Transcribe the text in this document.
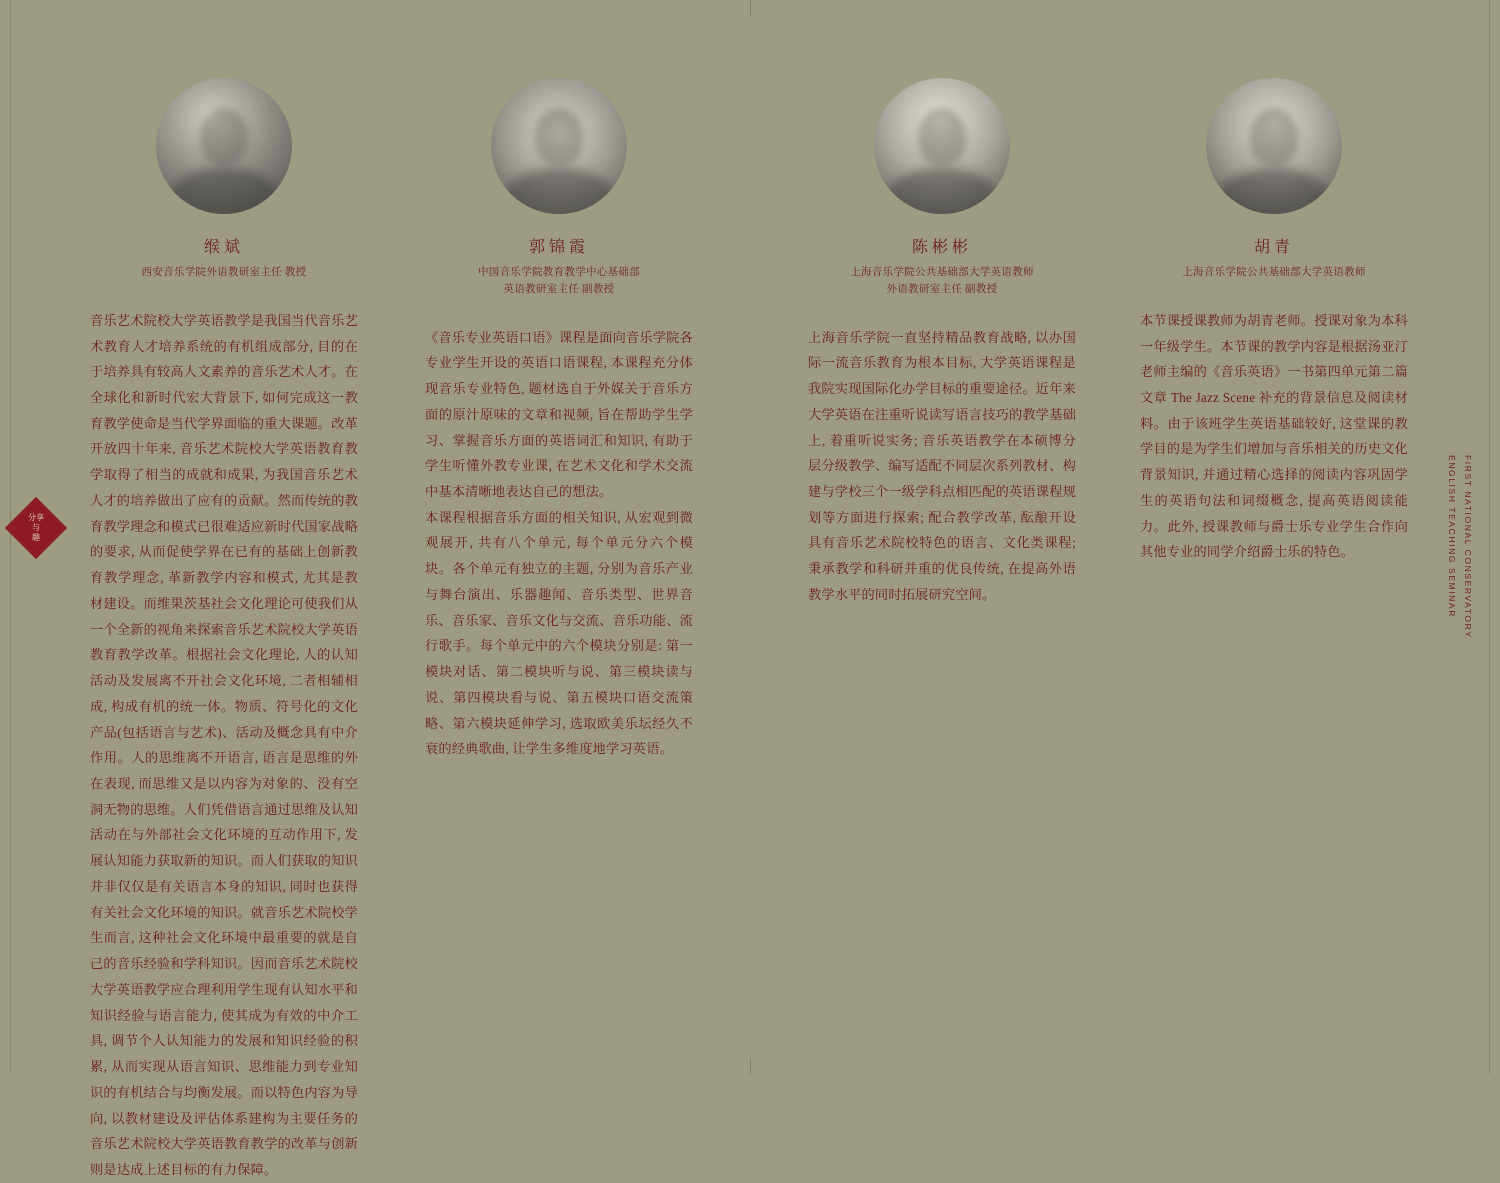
分享
与
趣	FIRST NATIONAL CONSERVATORY
ENGLISH TEACHING SEMINAR
缑斌
西安音乐学院外语教研室主任 教授

音乐艺术院校大学英语教学是我国当代音乐艺术教育人才培养系统的有机组成部分, 目的在于培养具有较高人文素养的音乐艺术人才。在全球化和新时代宏大背景下, 如何完成这一教育教学使命是当代学界面临的重大课题。改革开放四十年来, 音乐艺术院校大学英语教育教学取得了相当的成就和成果, 为我国音乐艺术人才的培养做出了应有的贡献。然而传统的教育教学理念和模式已很难适应新时代国家战略的要求, 从而促使学界在已有的基础上创新教育教学理念, 革新教学内容和模式, 尤其是教材建设。而维果茨基社会文化理论可使我们从一个全新的视角来探索音乐艺术院校大学英语教育教学改革。根据社会文化理论, 人的认知活动及发展离不开社会文化环境, 二者相辅相成, 构成有机的统一体。物质、符号化的文化产品(包括语言与艺术)、活动及概念具有中介作用。人的思维离不开语言, 语言是思维的外在表现, 而思维又是以内容为对象的、没有空洞无物的思维。人们凭借语言通过思维及认知活动在与外部社会文化环境的互动作用下, 发展认知能力获取新的知识。而人们获取的知识并非仅仅是有关语言本身的知识, 同时也获得有关社会文化环境的知识。就音乐艺术院校学生而言, 这种社会文化环境中最重要的就是自己的音乐经验和学科知识。因而音乐艺术院校大学英语教学应合理利用学生现有认知水平和知识经验与语言能力, 使其成为有效的中介工具, 调节个人认知能力的发展和知识经验的积累, 从而实现从语言知识、思维能力到专业知识的有机结合与均衡发展。而以特色内容为导向, 以教材建设及评估体系建构为主要任务的音乐艺术院校大学英语教育教学的改革与创新则是达成上述目标的有力保障。

郭锦霞
中国音乐学院教育教学中心基础部
英语教研室主任 副教授

《音乐专业英语口语》课程是面向音乐学院各专业学生开设的英语口语课程, 本课程充分体现音乐专业特色, 题材选自于外媒关于音乐方面的原汁原味的文章和视频, 旨在帮助学生学习、掌握音乐方面的英语词汇和知识, 有助于学生听懂外教专业课, 在艺术文化和学术交流中基本清晰地表达自己的想法。

本课程根据音乐方面的相关知识, 从宏观到微观展开, 共有八个单元, 每个单元分六个模块。各个单元有独立的主题, 分别为音乐产业与舞台演出、乐器趣闻、音乐类型、世界音乐、音乐家、音乐文化与交流、音乐功能、流行歌手。每个单元中的六个模块分别是: 第一模块对话、第二模块听与说、第三模块读与说、第四模块看与说、第五模块口语交流策略、第六模块延伸学习, 选取欧美乐坛经久不衰的经典歌曲, 让学生多维度地学习英语。

陈彬彬
上海音乐学院公共基础部大学英语教师
外语教研室主任 副教授

上海音乐学院一直坚持精品教育战略, 以办国际一流音乐教育为根本目标, 大学英语课程是我院实现国际化办学目标的重要途径。近年来大学英语在注重听说读写语言技巧的教学基础上, 着重听说实务; 音乐英语教学在本硕博分层分级教学、编写适配不同层次系列教材、构建与学校三个一级学科点相匹配的英语课程规划等方面进行探索; 配合教学改革, 酝酿开设具有音乐艺术院校特色的语言、文化类课程; 秉承教学和科研并重的优良传统, 在提高外语教学水平的同时拓展研究空间。

胡青
上海音乐学院公共基础部大学英语教师

本节课授课教师为胡青老师。授课对象为本科一年级学生。本节课的教学内容是根据汤亚汀老师主编的《音乐英语》一书第四单元第二篇文章 The Jazz Scene 补充的背景信息及阅读材料。由于该班学生英语基础较好, 这堂课的教学目的是为学生们增加与音乐相关的历史文化背景知识, 并通过精心选择的阅读内容巩固学生的英语句法和词缀概念, 提高英语阅读能力。此外, 授课教师与爵士乐专业学生合作向其他专业的同学介绍爵士乐的特色。
